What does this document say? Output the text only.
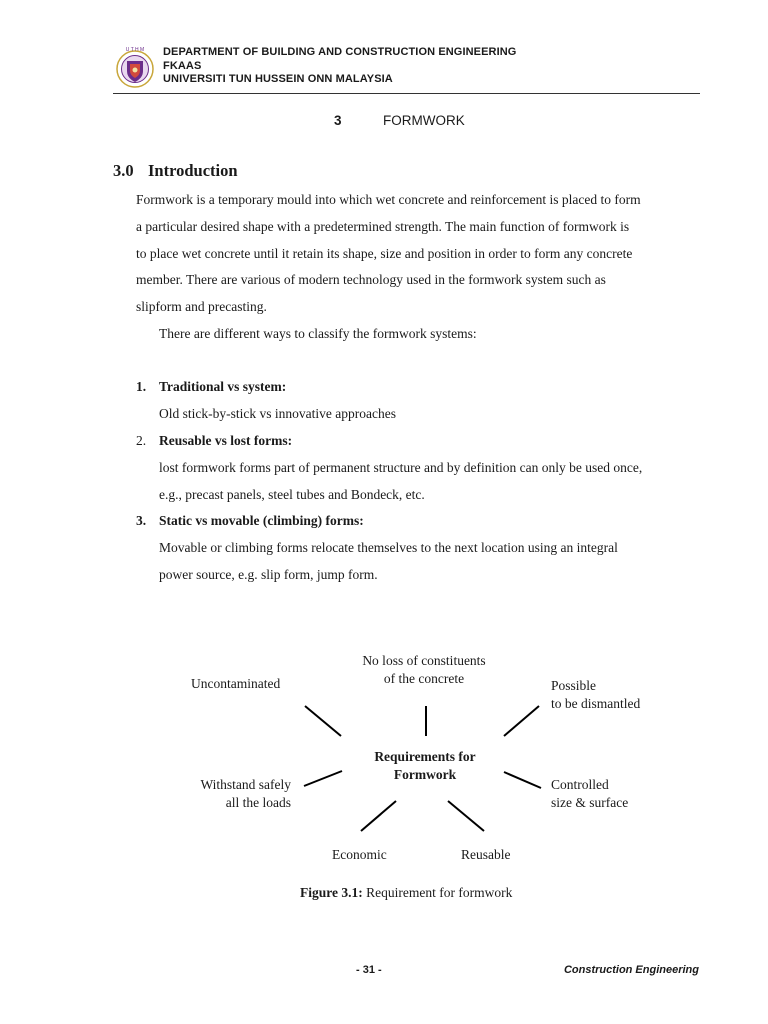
U T H M DEPARTMENT OF BUILDING AND CONSTRUCTION ENGINEERING
FKAAS
UNIVERSITI TUN HUSSEIN ONN MALAYSIA
3	FORMWORK
3.0 Introduction
Formwork is a temporary mould into which wet concrete and reinforcement is placed to form
a particular desired shape with a predetermined strength. The main function of formwork is
to place wet concrete until it retain its shape, size and position in order to form any concrete
member. There are various of modern technology used in the formwork system such as
slipform and precasting.
There are different ways to classify the formwork systems:
1. Traditional vs system:
Old stick-by-stick vs innovative approaches
2. Reusable vs lost forms:
lost formwork forms part of permanent structure and by definition can only be used once,
e.g., precast panels, steel tubes and Bondeck, etc.
3. Static vs movable (climbing) forms:
Movable or climbing forms relocate themselves to the next location using an integral
power source, e.g. slip form, jump form.
Requirements for
Formwork
No loss of constituents
of the concrete
Uncontaminated	Possible
to be dismantled
Withstand safely
all the loads
Controlled
size & surface
Economic	Reusable
Figure 3.1: Requirement for formwork
- 31 -	Construction Engineering
